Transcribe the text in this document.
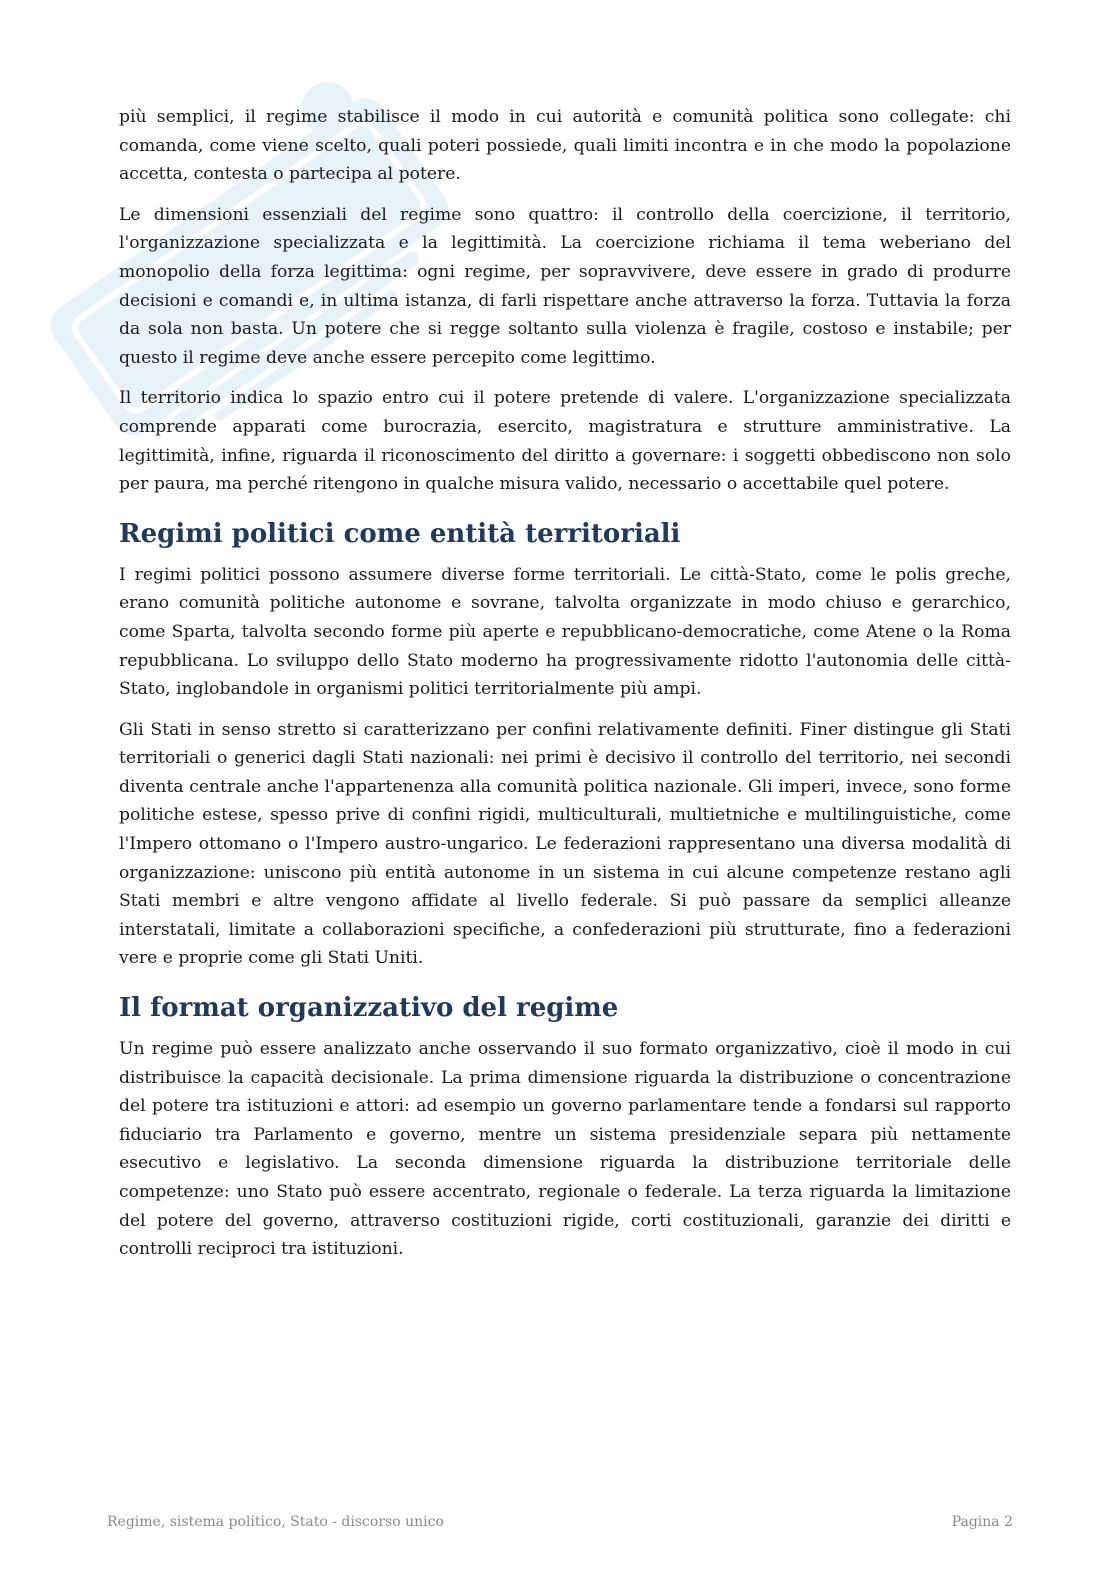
più semplici, il regime stabilisce il modo in cui autorità e comunità politica sono collegate: chi comanda, come viene scelto, quali poteri possiede, quali limiti incontra e in che modo la popolazione accetta, contesta o partecipa al potere.

Le dimensioni essenziali del regime sono quattro: il controllo della coercizione, il territorio, l'organizzazione specializzata e la legittimità. La coercizione richiama il tema weberiano del monopolio della forza legittima: ogni regime, per sopravvivere, deve essere in grado di produrre decisioni e comandi e, in ultima istanza, di farli rispettare anche attraverso la forza. Tuttavia la forza da sola non basta. Un potere che si regge soltanto sulla violenza è fragile, costoso e instabile; per questo il regime deve anche essere percepito come legittimo.

Il territorio indica lo spazio entro cui il potere pretende di valere. L'organizzazione specializzata comprende apparati come burocrazia, esercito, magistratura e strutture amministrative. La legittimità, infine, riguarda il riconoscimento del diritto a governare: i soggetti obbediscono non solo per paura, ma perché ritengono in qualche misura valido, necessario o accettabile quel potere.

Regimi politici come entità territoriali

I regimi politici possono assumere diverse forme territoriali. Le città-Stato, come le polis greche, erano comunità politiche autonome e sovrane, talvolta organizzate in modo chiuso e gerarchico, come Sparta, talvolta secondo forme più aperte e repubblicano-democratiche, come Atene o la Roma repubblicana. Lo sviluppo dello Stato moderno ha progressivamente ridotto l'autonomia delle città-Stato, inglobandole in organismi politici territorialmente più ampi.

Gli Stati in senso stretto si caratterizzano per confini relativamente definiti. Finer distingue gli Stati territoriali o generici dagli Stati nazionali: nei primi è decisivo il controllo del territorio, nei secondi diventa centrale anche l'appartenenza alla comunità politica nazionale. Gli imperi, invece, sono forme politiche estese, spesso prive di confini rigidi, multiculturali, multietniche e multilinguistiche, come l'Impero ottomano o l'Impero austro-ungarico. Le federazioni rappresentano una diversa modalità di organizzazione: uniscono più entità autonome in un sistema in cui alcune competenze restano agli Stati membri e altre vengono affidate al livello federale. Si può passare da semplici alleanze interstatali, limitate a collaborazioni specifiche, a confederazioni più strutturate, fino a federazioni vere e proprie come gli Stati Uniti.

Il format organizzativo del regime

Un regime può essere analizzato anche osservando il suo formato organizzativo, cioè il modo in cui distribuisce la capacità decisionale. La prima dimensione riguarda la distribuzione o concentrazione del potere tra istituzioni e attori: ad esempio un governo parlamentare tende a fondarsi sul rapporto fiduciario tra Parlamento e governo, mentre un sistema presidenziale separa più nettamente esecutivo e legislativo. La seconda dimensione riguarda la distribuzione territoriale delle competenze: uno Stato può essere accentrato, regionale o federale. La terza riguarda la limitazione del potere del governo, attraverso costituzioni rigide, corti costituzionali, garanzie dei diritti e controlli reciproci tra istituzioni.

Regime, sistema politico, Stato - discorso unico	Pagina 2
